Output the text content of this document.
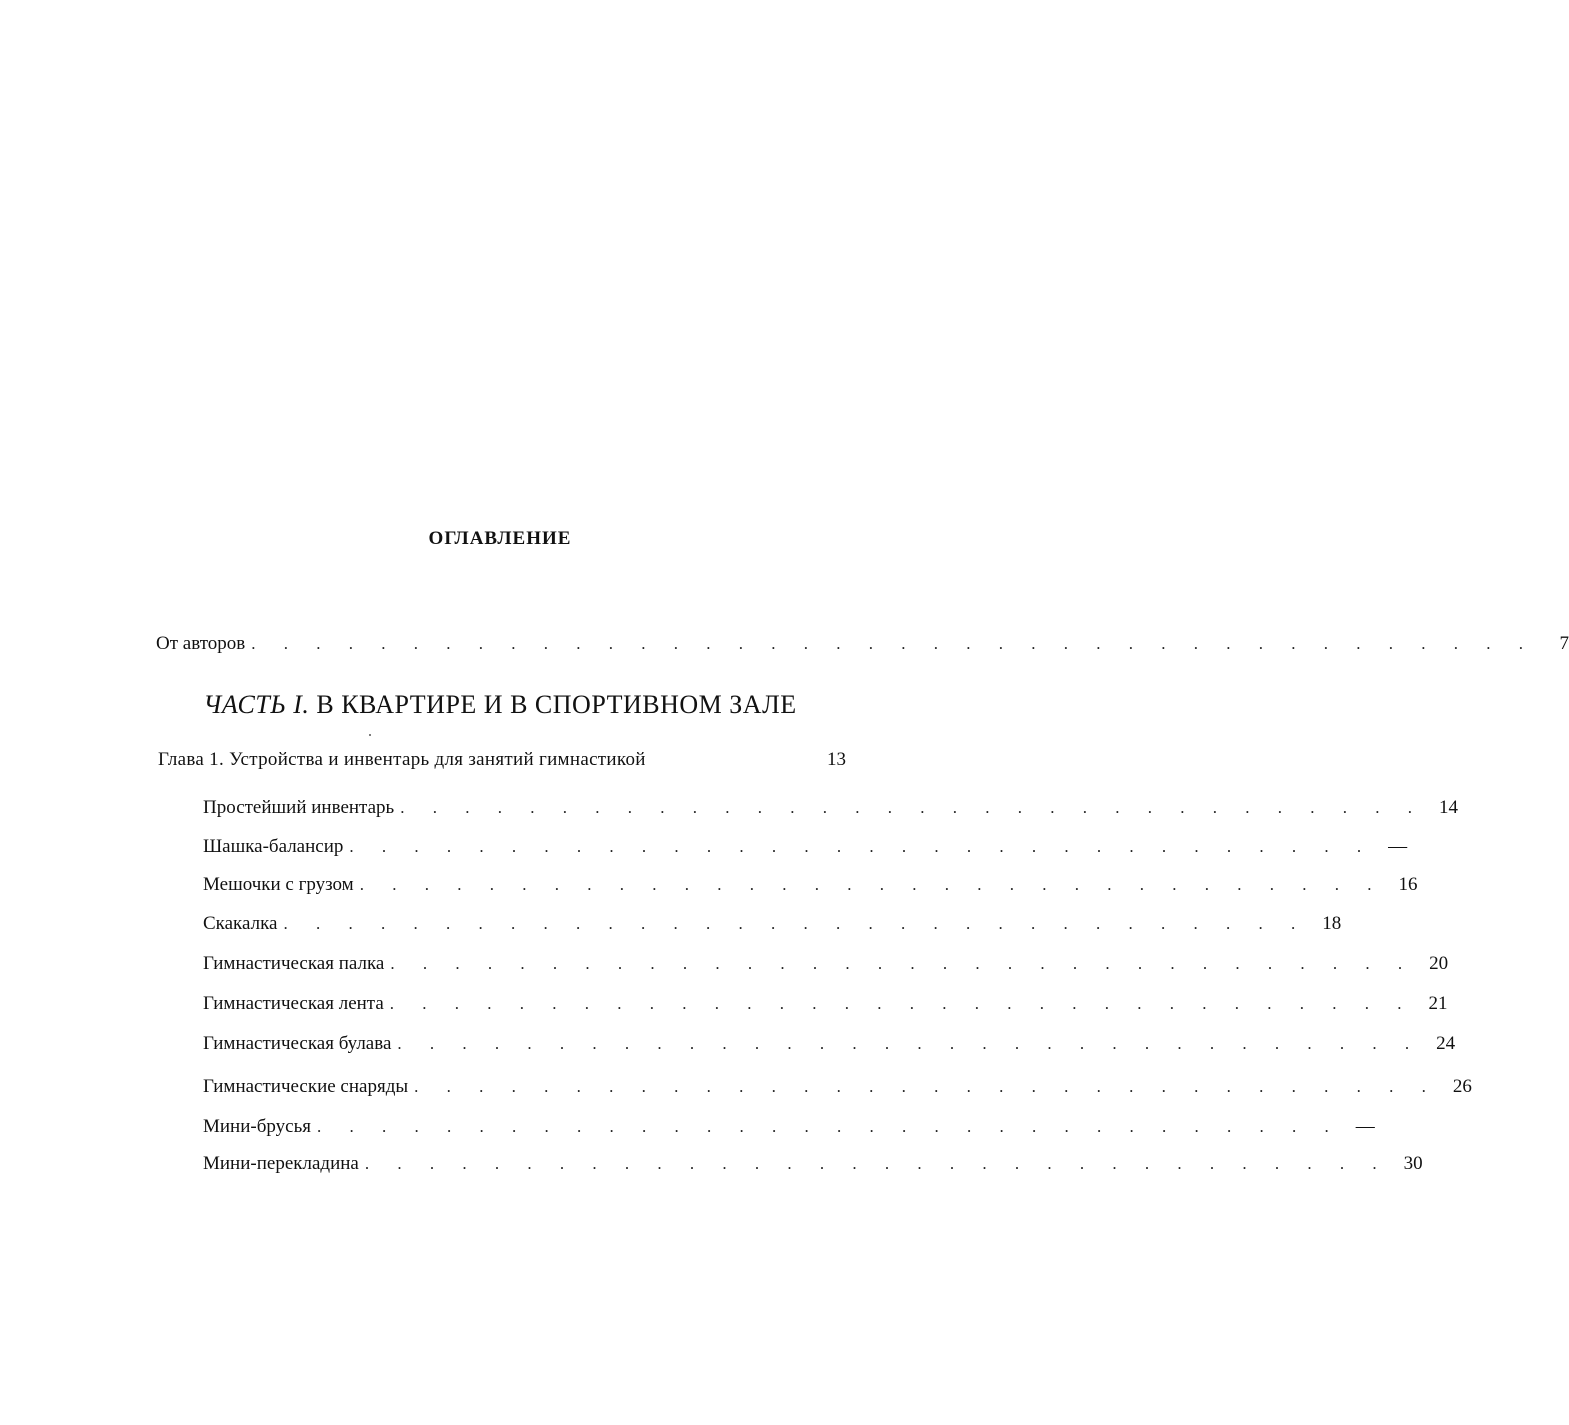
ОГЛАВЛЕНИЕ
От авторов . . . . . . . . . . . . . . . . . . . . . . . . . . . . . . . . . . . . . . . .	7
ЧАСТЬ I. В КВАРТИРЕ И В СПОРТИВНОМ ЗАЛЕ
Глава 1. Устройства и инвентарь для занятий гимнастикой	13
Простейший инвентарь . . . . . . . . . . . . . . . . . . . . . . . . . . . . . . . . 14
Шашка-балансир . . . . . . . . . . . . . . . . . . . . . . . . . . . . . . . . —
Мешочки с грузом . . . . . . . . . . . . . . . . . . . . . . . . . . . . . . . . 16
Скакалка . . . . . . . . . . . . . . . . . . . . . . . . . . . . . . . . 18
Гимнастическая палка . . . . . . . . . . . . . . . . . . . . . . . . . . . . . . . . 20
Гимнастическая лента . . . . . . . . . . . . . . . . . . . . . . . . . . . . . . . . 21
Гимнастическая булава . . . . . . . . . . . . . . . . . . . . . . . . . . . . . . . . 24
Гимнастические снаряды . . . . . . . . . . . . . . . . . . . . . . . . . . . . . . . . 26
Мини-брусья . . . . . . . . . . . . . . . . . . . . . . . . . . . . . . . . —
Мини-перекладина . . . . . . . . . . . . . . . . . . . . . . . . . . . . . . . . 30
